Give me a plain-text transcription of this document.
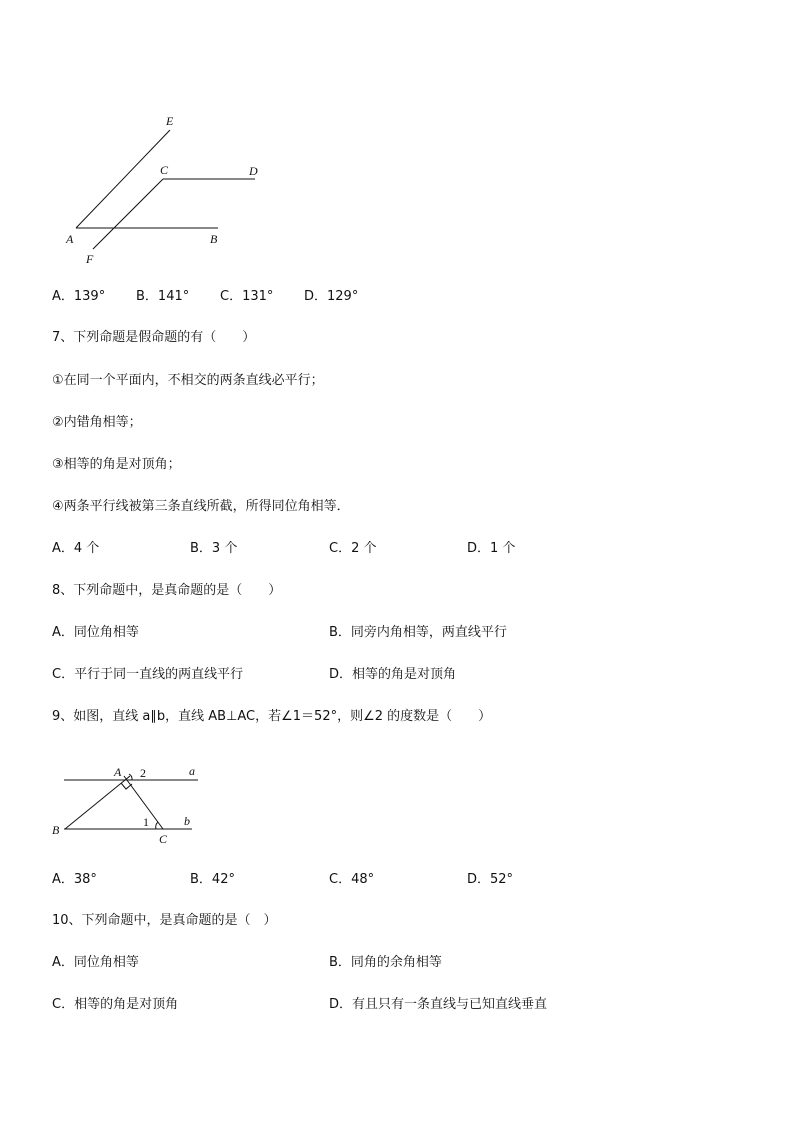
E
C	D
A	B
F
A．139° B．141° C．131° D．129°
7、下列命题是假命题的有（　　）
①在同一个平面内，不相交的两条直线必平行；
②内错角相等；
③相等的角是对顶角；
④两条平行线被第三条直线所截，所得同位角相等．
A．4 个	B．3 个	C．2 个	D．1 个
8、下列命题中，是真命题的是（　　）
A．同位角相等	B．同旁内角相等，两直线平行
C．平行于同一直线的两直线平行	D．相等的角是对顶角
9、如图，直线 a∥b，直线 AB⊥AC，若∠1＝52°，则∠2 的度数是（　　）
A 2	a
B
1	b
C
A．38°	B．42°	C．48°	D．52°
10、下列命题中，是真命题的是（　）
A．同位角相等	B．同角的余角相等
C．相等的角是对顶角	D．有且只有一条直线与已知直线垂直
